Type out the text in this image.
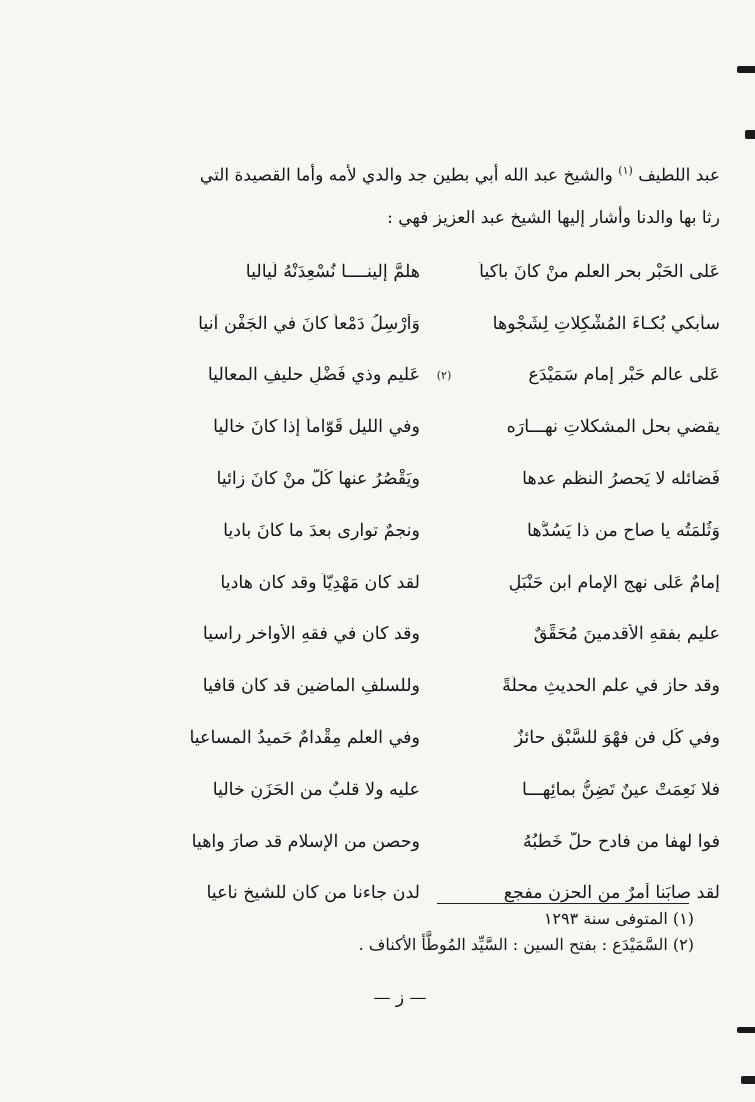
عبد اللطيف $^{(١)}$ والشيخ عبد الله أبي بطين جد والدي لأمه وأما القصيدة التي

رثا بها والدنا وأشار إليها الشيخ عبد العزيز فهي :

عَلى الحَبْرِ بحرِ العلمِ منْ كانَ باكياً
هلمَّ إلينــــا نُسْعِدَنْهُ لَياليا
سأبكي بُكـاءَ المُشْكِلاتِ لِشَجْوِها
وَأُرْسِلُ دَمْعاً كانَ في الجَفْنِ آنيا
عَلى عالمٍ حَبْرٍ إمامٍ سَمَيْدَعٍ
(٢)
عَليمٍ وذي فَضْلٍ حليفِ المعاليا
يقضي بحل المشكلاتِ نهـــارَه
وفي الليل قَوّاماً إذا كانَ خاليا
فَضائله لا يَحصرُ النظم عدها
ويَقْصُرُ عنها كُلُّ منْ كانَ زائيا
وَثُلمَتُه يا صاحِ من ذا يَسُدُّها
ونجمٌ توارى بعدَ ما كانَ باديا
إمامٌ عَلى نهجِ الإمامِ ابنِ حَنْبَلٍ
لقد كان مَهْدِيّاً وقد كان هاديا
عليم بفقهِ الأقدمينَ مُحَقِّقٌ
وقد كان في فقهِ الأواخرِ راسيا
وقد حاز في علمِ الحديثِ محلّةً
وللسلفِ الماضين قد كان قافيا
وفي كُلِ فنٍ فهْوَ للسَّبْقِ حائزٌ
وفي العلمِ مِقْدامٌ حَميدُ المساعيا
فلا نَعِمَتْ عينٌ تَضِنُّ بمائِهـــا
عليه ولا قلبٌ من الحَزَنِ خاليا
فوا لهفا من فادحٍ حلّ خَطْبُهُ
وحصنٍ من الإسلام قد صارَ واهيا
لقد صابَنا أمرٌ من الحزن مفجع
لدن جاءنا من كان للشيخ ناعيا

(١) المتوفى سنة ١٢٩٣

(٢) السَّمَيْدَع : بفتح السين : السَّيِّد المُوطَّأ الأكناف .

— ز —
